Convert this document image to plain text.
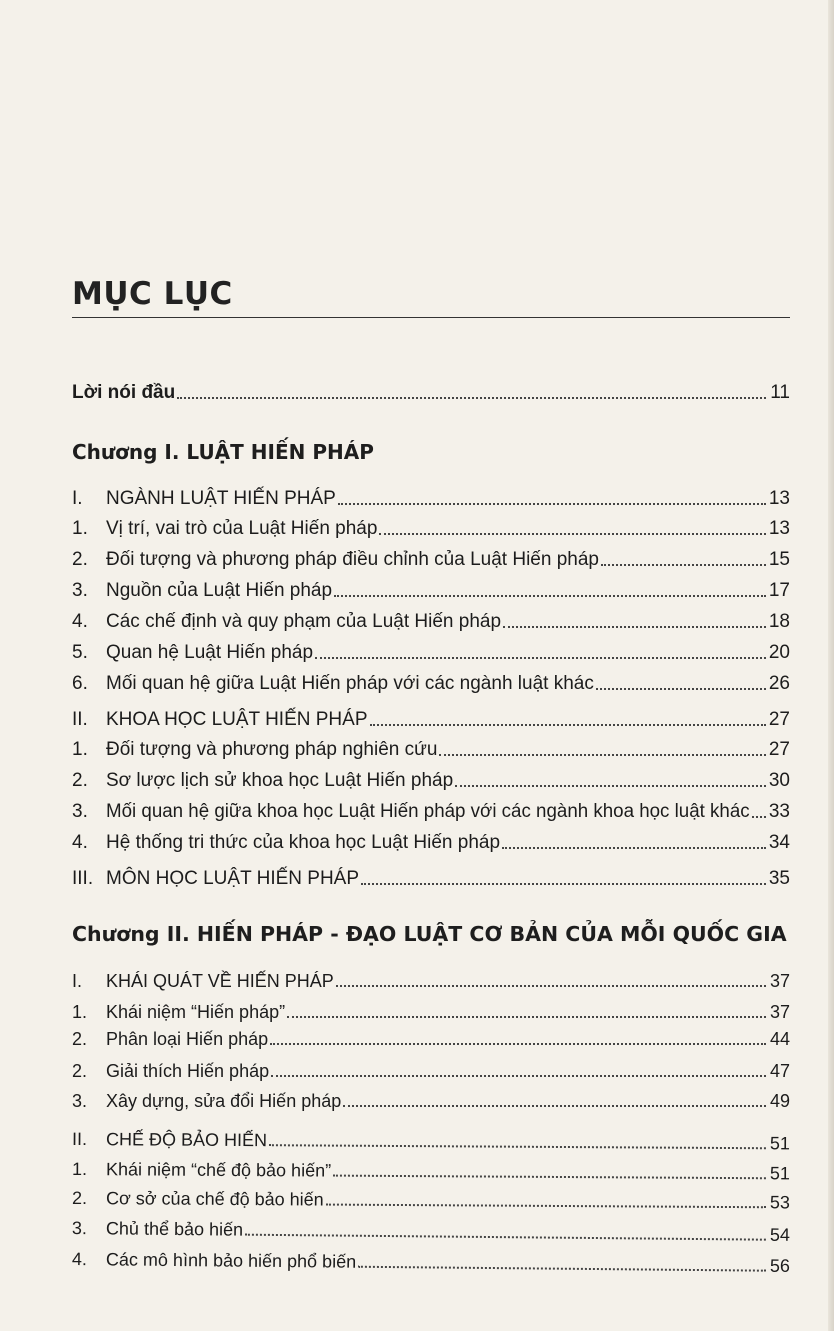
MỤC LỤC
Lời nói đầu	11
Chương I. LUẬT HIẾN PHÁP
I.	NGÀNH LUẬT HIẾN PHÁP	13
1. Vị trí, vai trò của Luật Hiến pháp	13
2. Đối tượng và phương pháp điều chỉnh của Luật Hiến pháp	15
3. Nguồn của Luật Hiến pháp	17
4. Các chế định và quy phạm của Luật Hiến pháp	18
5. Quan hệ Luật Hiến pháp	20
6. Mối quan hệ giữa Luật Hiến pháp với các ngành luật khác	26
II. KHOA HỌC LUẬT HIẾN PHÁP	27
1. Đối tượng và phương pháp nghiên cứu	27
2. Sơ lược lịch sử khoa học Luật Hiến pháp	30
3. Mối quan hệ giữa khoa học Luật Hiến pháp với các ngành khoa học luật khác 33
4. Hệ thống tri thức của khoa học Luật Hiến pháp	34
III. MÔN HỌC LUẬT HIẾN PHÁP	35
Chương II. HIẾN PHÁP - ĐẠO LUẬT CƠ BẢN CỦA MỖI QUỐC GIA
I.	KHÁI QUÁT VỀ HIẾN PHÁP	37
1.	Khái niệm “Hiến pháp”	37
2.	Phân loại Hiến pháp	44
2.	Giải thích Hiến pháp	47
3.	Xây dựng, sửa đổi Hiến pháp	49
II.	CHẾ ĐỘ BẢO HIẾN	51
1.	Khái niệm “chế độ bảo hiến”	51
2.	Cơ sở của chế độ bảo hiến	53
3.	Chủ thể bảo hiến	54
4.	Các mô hình bảo hiến phổ biến	56
